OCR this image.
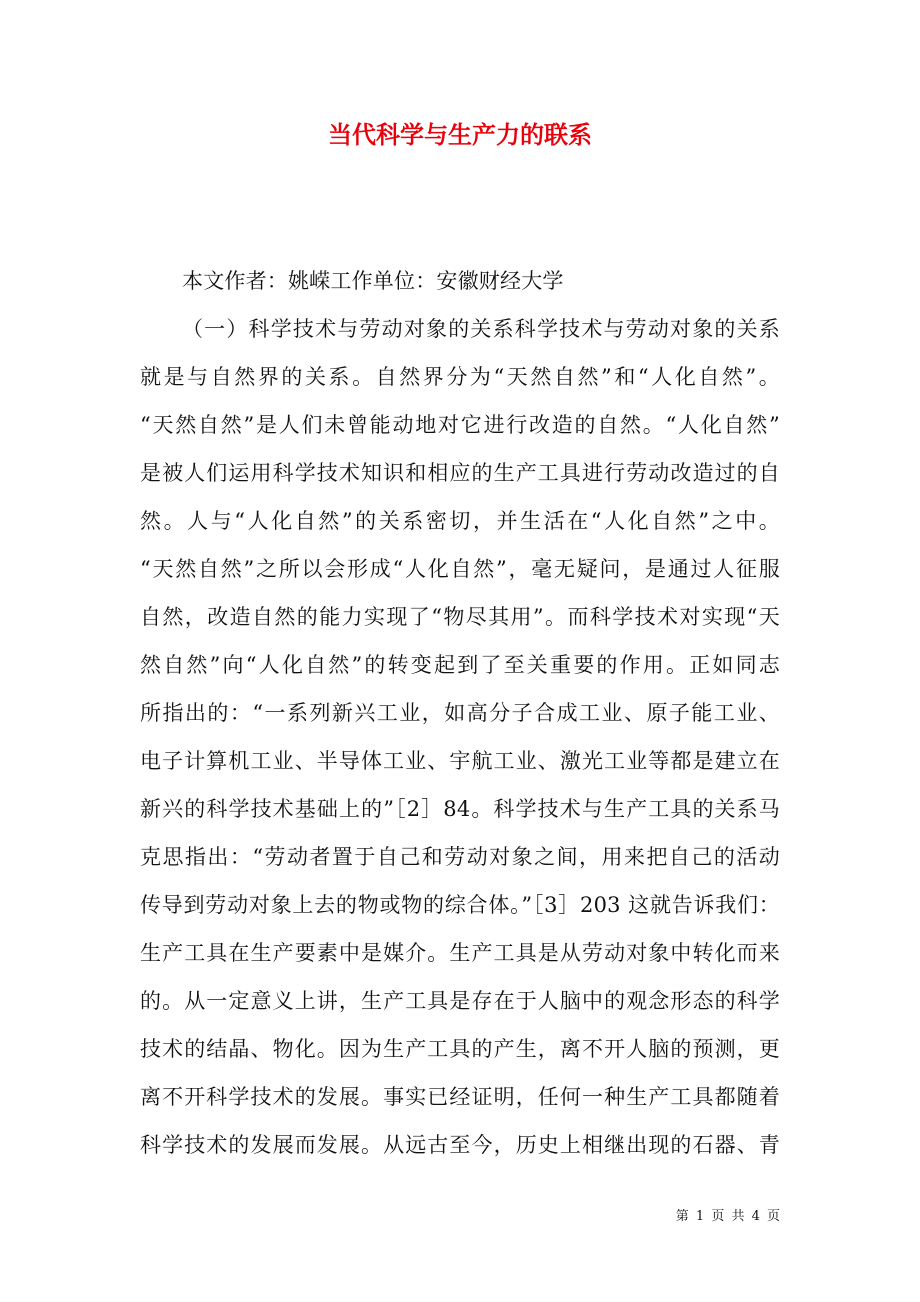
当代科学与生产力的联系
本文作者：姚嵘工作单位：安徽财经大学
（一）科学技术与劳动对象的关系科学技术与劳动对象的关系
就是与自然界的关系。自然界分为“天然自然”和“人化自然”。
“天然自然”是人们未曾能动地对它进行改造的自然。“人化自然”
是被人们运用科学技术知识和相应的生产工具进行劳动改造过的自
然。人与“人化自然”的关系密切，并生活在“人化自然”之中。
“天然自然”之所以会形成“人化自然”，毫无疑问，是通过人征服
自然，改造自然的能力实现了“物尽其用”。而科学技术对实现“天
然自然”向“人化自然”的转变起到了至关重要的作用。正如同志
所指出的：“一系列新兴工业，如高分子合成工业、原子能工业、
电子计算机工业、半导体工业、宇航工业、激光工业等都是建立在
新兴的科学技术基础上的”［2］84。科学技术与生产工具的关系马
克思指出：“劳动者置于自己和劳动对象之间，用来把自己的活动
传导到劳动对象上去的物或物的综合体。”［3］203 这就告诉我们：
生产工具在生产要素中是媒介。生产工具是从劳动对象中转化而来
的。从一定意义上讲，生产工具是存在于人脑中的观念形态的科学
技术的结晶、物化。因为生产工具的产生，离不开人脑的预测，更
离不开科学技术的发展。事实已经证明，任何一种生产工具都随着
科学技术的发展而发展。从远古至今，历史上相继出现的石器、青
第 1 页 共 4 页
